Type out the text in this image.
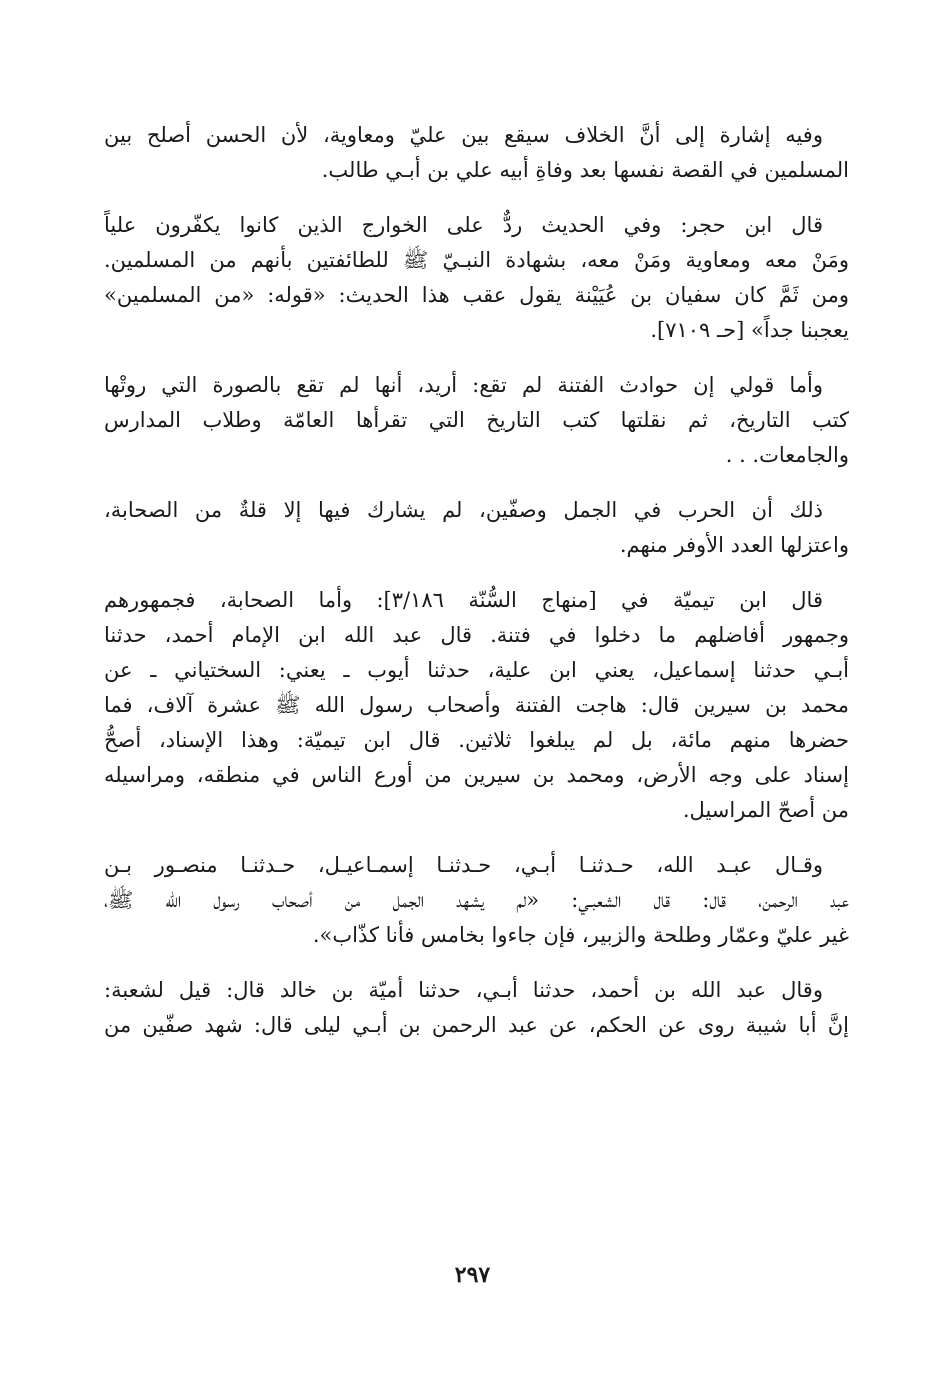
وفيه إشارة إلى أنَّ الخلاف سيقع بين عليّ ومعاوية، لأن الحسن أصلح بين
المسلمين في القصة نفسها بعد وفاةِ أبيه علي بن أبـي طالب.
قال ابن حجر: وفي الحديث ردٌّ على الخوارج الذين كانوا يكفّرون علياً
ومَنْ معه ومعاوية ومَنْ معه، بشهادة النبـيّ ﷺ للطائفتين بأنهم من المسلمين.
ومن ثَمَّ كان سفيان بن عُيَيْنة يقول عقب هذا الحديث: «قوله: «من المسلمين»
يعجبنا جداً» [حـ ٧١٠٩].
وأما قولي إن حوادث الفتنة لم تقع: أريد، أنها لم تقع بالصورة التي روتْها
كتب التاريخ، ثم نقلتها كتب التاريخ التي تقرأها العامّة وطلاب المدارس
والجامعات. . .
ذلك أن الحرب في الجمل وصفّين، لم يشارك فيها إلا قلةٌ من الصحابة،
واعتزلها العدد الأوفر منهم.
قال ابن تيميّة في [منهاج السُّنّة ٣/١٨٦]: وأما الصحابة، فجمهورهم
وجمهور أفاضلهم ما دخلوا في فتنة. قال عبد الله ابن الإمام أحمد، حدثنا
أبـي حدثنا إسماعيل، يعني ابن علية، حدثنا أيوب ـ يعني: السختياني ـ عن
محمد بن سيرين قال: هاجت الفتنة وأصحاب رسول الله ﷺ عشرة آلاف، فما
حضرها منهم مائة، بل لم يبلغوا ثلاثين. قال ابن تيميّة: وهذا الإسناد، أصحُّ
إسناد على وجه الأرض، ومحمد بن سيرين من أورع الناس في منطقه، ومراسيله
من أصحّ المراسيل.
وقـال عبـد الله، حـدثنـا أبـي، حـدثنـا إسمـاعيـل، حـدثنـا منصـور بـن
عبد الرحمن، قال: قال الشعبـي: «لم يشهد الجمل من أصحاب رسول الله ﷺ،
غير عليّ وعمّار وطلحة والزبير، فإن جاءوا بخامس فأنا كذّاب».
وقال عبد الله بن أحمد، حدثنا أبـي، حدثنا أميّة بن خالد قال: قيل لشعبة:
إنَّ أبا شيبة روى عن الحكم، عن عبد الرحمن بن أبـي ليلى قال: شهد صفّين من
٢٩٧
